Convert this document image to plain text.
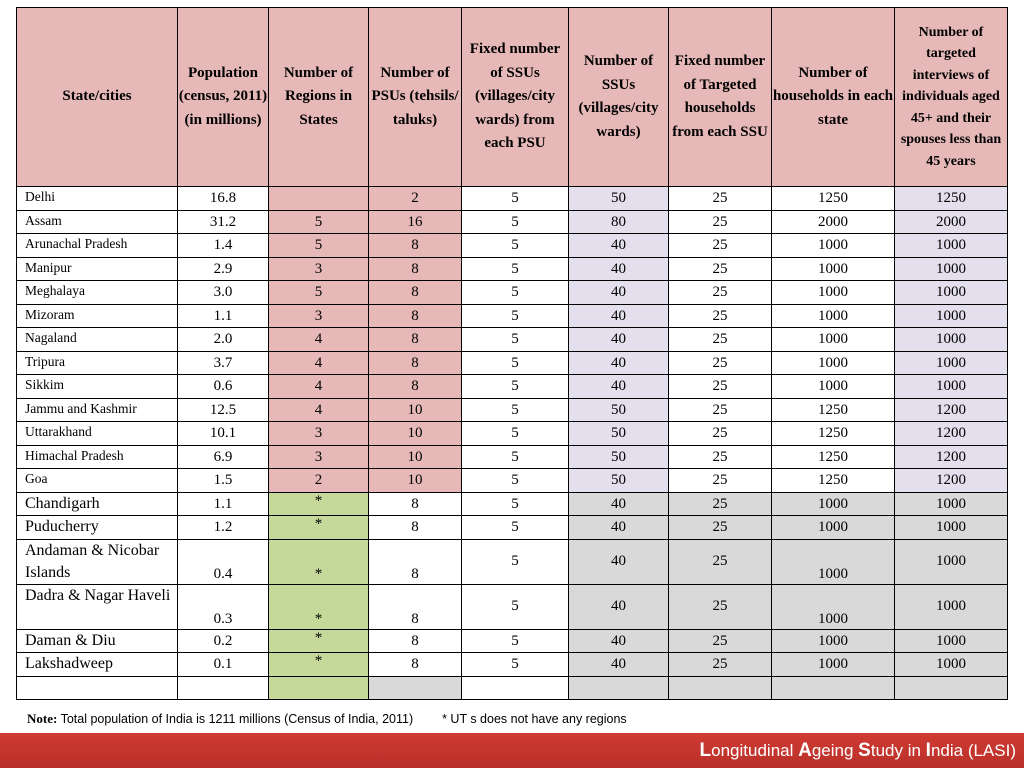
State/cities	Population (census, 2011) (in millions)	Number of Regions in States	Number of PSUs (tehsils/ taluks)	Fixed number of SSUs (villages/city wards) from each PSU	Number of SSUs (villages/city wards)	Fixed number of Targeted households from each SSU	Number of households in each state	Number of targeted interviews of individuals aged 45+ and their spouses less than 45 years
Delhi	16.8		2	5	50	25	1250	1250
Assam	31.2	5	16	5	80	25	2000	2000
Arunachal Pradesh	1.4	5	8	5	40	25	1000	1000
Manipur	2.9	3	8	5	40	25	1000	1000
Meghalaya	3.0	5	8	5	40	25	1000	1000
Mizoram	1.1	3	8	5	40	25	1000	1000
Nagaland	2.0	4	8	5	40	25	1000	1000
Tripura	3.7	4	8	5	40	25	1000	1000
Sikkim	0.6	4	8	5	40	25	1000	1000
Jammu and Kashmir	12.5	4	10	5	50	25	1250	1200
Uttarakhand	10.1	3	10	5	50	25	1250	1200
Himachal Pradesh	6.9	3	10	5	50	25	1250	1200
Goa	1.5	2	10	5	50	25	1250	1200
Chandigarh	1.1	*	8	5	40	25	1000	1000
Puducherry	1.2	*	8	5	40	25	1000	1000
Andaman & Nicobar Islands	0.4	*	8	5	40	25	1000	1000
Dadra & Nagar Haveli	0.3	*	8	5	40	25	1000	1000
Daman & Diu	0.2	*	8	5	40	25	1000	1000
Lakshadweep	0.1	*	8	5	40	25	1000	1000

Note: Total population of India is 1211 millions (Census of India, 2011) * UT s does not have any regions
Longitudinal Ageing Study in India (LASI)
